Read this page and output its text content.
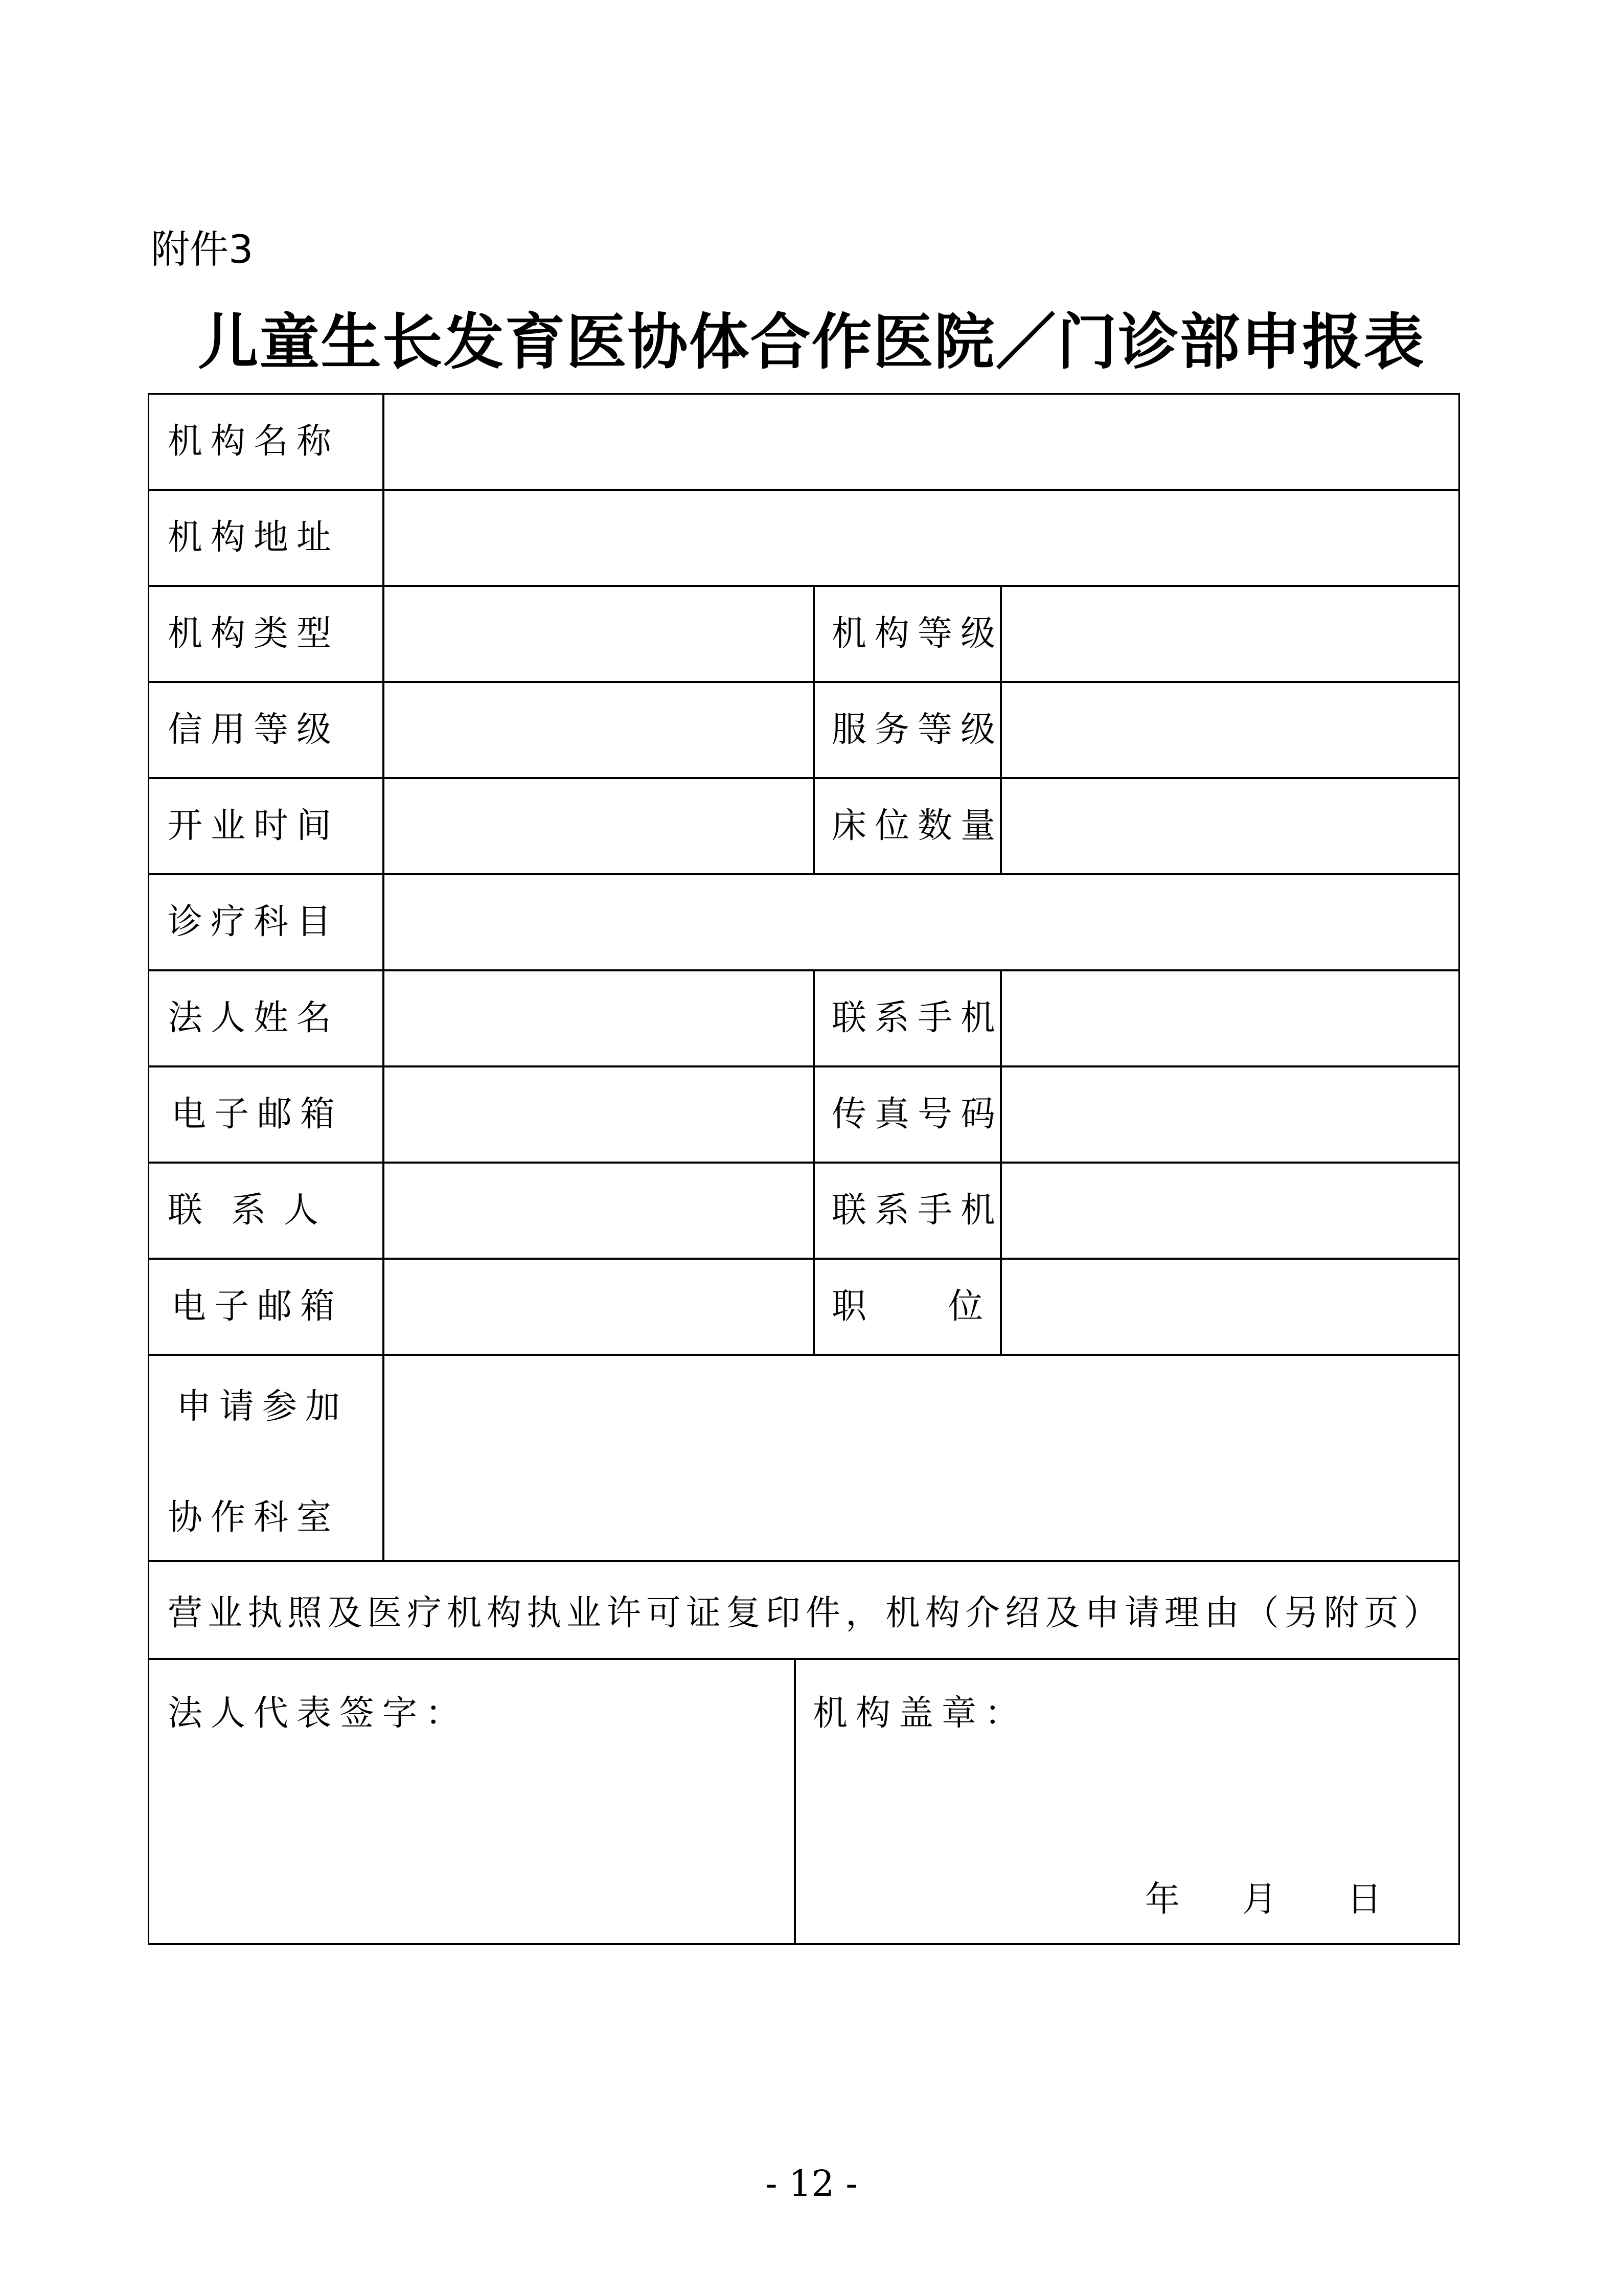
附件3
儿童生长发育医协体合作医院／门诊部申报表
机构名称
机构地址
机构类型	机构等级
信用等级	服务等级
开业时间	床位数量
诊疗科目
法人姓名	联系手机
电子邮箱	传真号码
联 系 人	联系手机
电子邮箱	职 位
申请参加
协作科室
营业执照及医疗机构执业许可证复印件，机构介绍及申请理由（另附页）
法人代表签字：	机构盖章：
年 月 日
- 12 -
